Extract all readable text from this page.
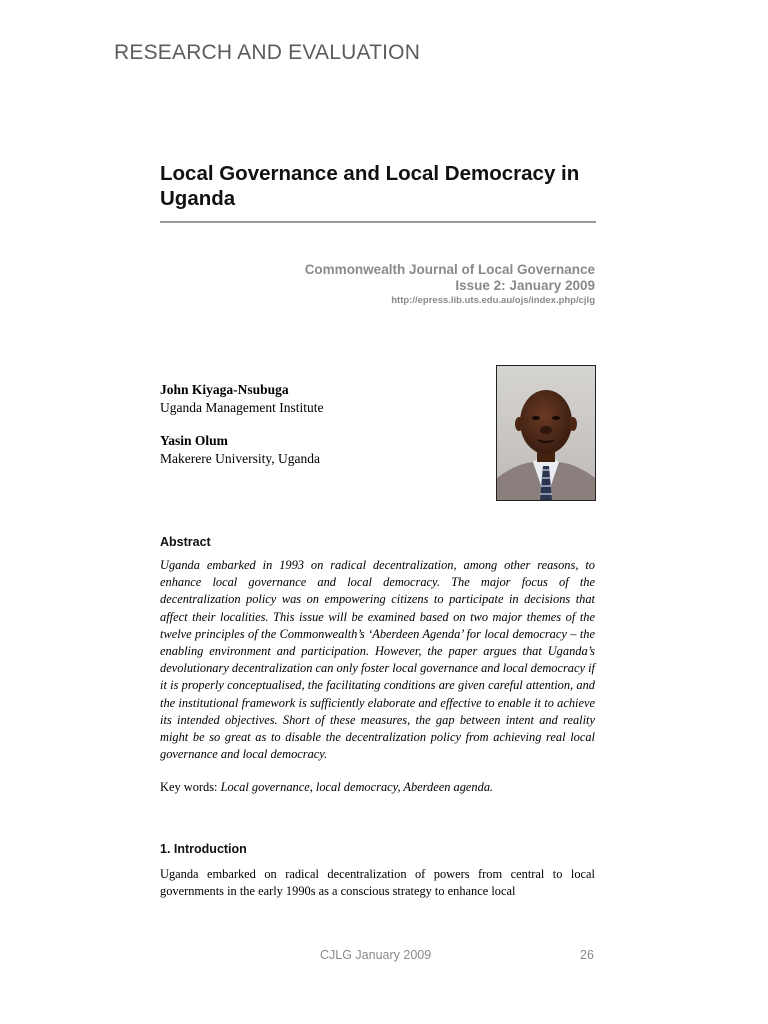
RESEARCH AND EVALUATION
Local Governance and Local Democracy in Uganda
Commonwealth Journal of Local Governance
Issue 2: January 2009
http://epress.lib.uts.edu.au/ojs/index.php/cjlg
John Kiyaga-Nsubuga
Uganda Management Institute
Yasin Olum
Makerere University, Uganda
Abstract
Uganda embarked in 1993 on radical decentralization, among other reasons, to enhance local governance and local democracy. The major focus of the decentralization policy was on empowering citizens to participate in decisions that affect their localities. This issue will be examined based on two major themes of the twelve principles of the Commonwealth’s ‘Aberdeen Agenda’ for local democracy – the enabling environment and participation. However, the paper argues that Uganda’s devolutionary decentralization can only foster local governance and local democracy if it is properly conceptualised, the facilitating conditions are given careful attention, and the institutional framework is sufficiently elaborate and effective to enable it to achieve its intended objectives. Short of these measures, the gap between intent and reality might be so great as to disable the decentralization policy from achieving real local governance and local democracy.
Key words: Local governance, local democracy, Aberdeen agenda.
1. Introduction
Uganda embarked on radical decentralization of powers from central to local governments in the early 1990s as a conscious strategy to enhance local
CJLG January 2009	26
